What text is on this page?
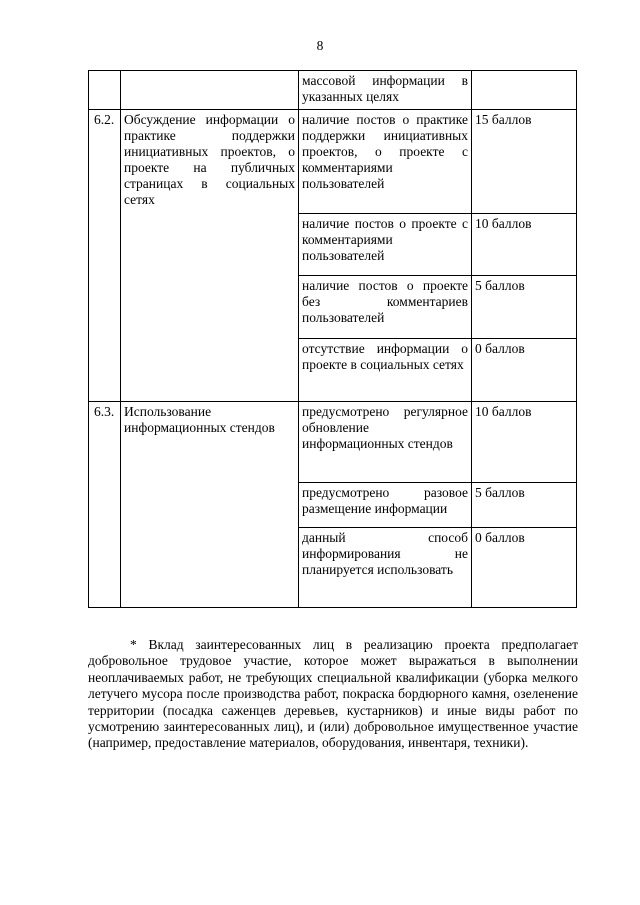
8
		массовой информации в указанных целях	
6.2.	Обсуждение информации о практике поддержки инициативных проектов, о проекте на публичных страницах в социальных сетях	наличие постов о практике поддержки инициативных проектов, о проекте с комментариями пользователей	15 баллов
		наличие постов о проекте с комментариями пользователей	10 баллов
		наличие постов о проекте без комментариев пользователей	5 баллов
		отсутствие информации о проекте в социальных сетях	0 баллов
6.3.	Использование информационных стендов	предусмотрено регулярное обновление информационных стендов	10 баллов
		предусмотрено разовое размещение информации	5 баллов
		данный способ информирования не планируется использовать	0 баллов

* Вклад заинтересованных лиц в реализацию проекта предполагает добровольное трудовое участие, которое может выражаться в выполнении неоплачиваемых работ, не требующих специальной квалификации (уборка мелкого летучего мусора после производства работ, покраска бордюрного камня, озеленение территории (посадка саженцев деревьев, кустарников) и иные виды работ по усмотрению заинтересованных лиц), и (или) добровольное имущественное участие (например, предоставление материалов, оборудования, инвентаря, техники).
